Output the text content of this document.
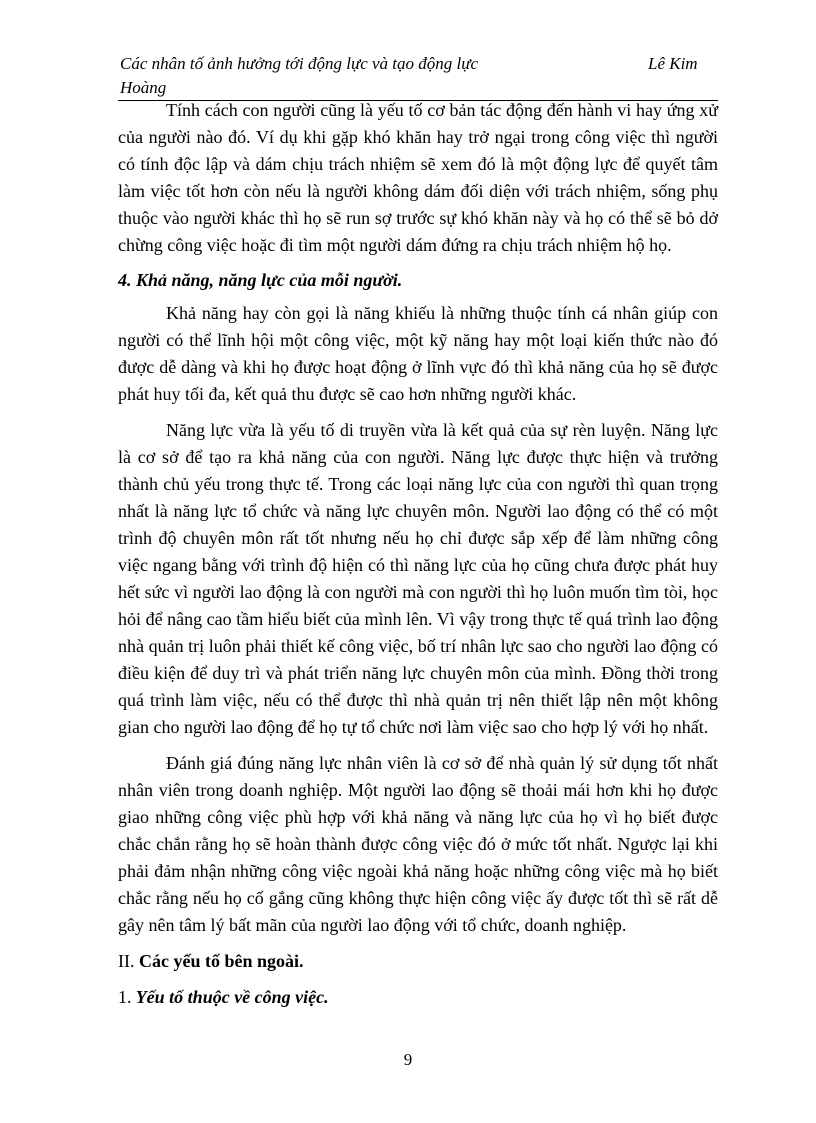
Các nhân tố ảnh hưởng tới động lực và tạo động lực	Lê Kim
Hoàng

Tính cách con người cũng là yếu tố cơ bản tác động đến hành vi hay ứng xử của người nào đó. Ví dụ khi gặp khó khăn hay trở ngại trong công việc thì người có tính độc lập và dám chịu trách nhiệm sẽ xem đó là một động lực để quyết tâm làm việc tốt hơn còn nếu là người không dám đối diện với trách nhiệm, sống phụ thuộc vào người khác thì họ sẽ run sợ trước sự khó khăn này và họ có thể sẽ bỏ dở chừng công việc hoặc đi tìm một người dám đứng ra chịu trách nhiệm hộ họ.

4. Khả năng, năng lực của mỗi người.

Khả năng hay còn gọi là năng khiếu là những thuộc tính cá nhân giúp con người có thể lĩnh hội một công việc, một kỹ năng hay một loại kiến thức nào đó được dễ dàng và khi họ được hoạt động ở lĩnh vực đó thì khả năng của họ sẽ được phát huy tối đa, kết quả thu được sẽ cao hơn những người khác.

Năng lực vừa là yếu tố di truyền vừa là kết quả của sự rèn luyện. Năng lực là cơ sở để tạo ra khả năng của con người. Năng lực được thực hiện và trưởng thành chủ yếu trong thực tế. Trong các loại năng lực của con người thì quan trọng nhất là năng lực tổ chức và năng lực chuyên môn. Người lao động có thể có một trình độ chuyên môn rất tốt nhưng nếu họ chỉ được sắp xếp để làm những công việc ngang bằng với trình độ hiện có thì năng lực của họ cũng chưa được phát huy hết sức vì người lao động là con người mà con người thì họ luôn muốn tìm tòi, học hỏi để nâng cao tầm hiểu biết của mình lên. Vì vậy trong thực tế quá trình lao động nhà quản trị luôn phải thiết kế công việc, bố trí nhân lực sao cho người lao động có điều kiện để duy trì và phát triển năng lực chuyên môn của mình. Đồng thời trong quá trình làm việc, nếu có thể được thì nhà quản trị nên thiết lập nên một không gian cho người lao động để họ tự tổ chức nơi làm việc sao cho hợp lý với họ nhất.

Đánh giá đúng năng lực nhân viên là cơ sở để nhà quản lý sử dụng tốt nhất nhân viên trong doanh nghiệp. Một người lao động sẽ thoải mái hơn khi họ được giao những công việc phù hợp với khả năng và năng lực của họ vì họ biết được chắc chắn rằng họ sẽ hoàn thành được công việc đó ở mức tốt nhất. Ngược lại khi phải đảm nhận những công việc ngoài khả năng hoặc những công việc mà họ biết chắc rằng nếu họ cố gắng cũng không thực hiện công việc ấy được tốt thì sẽ rất dễ gây nên tâm lý bất mãn của người lao động với tổ chức, doanh nghiệp.

II. Các yếu tố bên ngoài.

1. Yếu tố thuộc về công việc.

9
